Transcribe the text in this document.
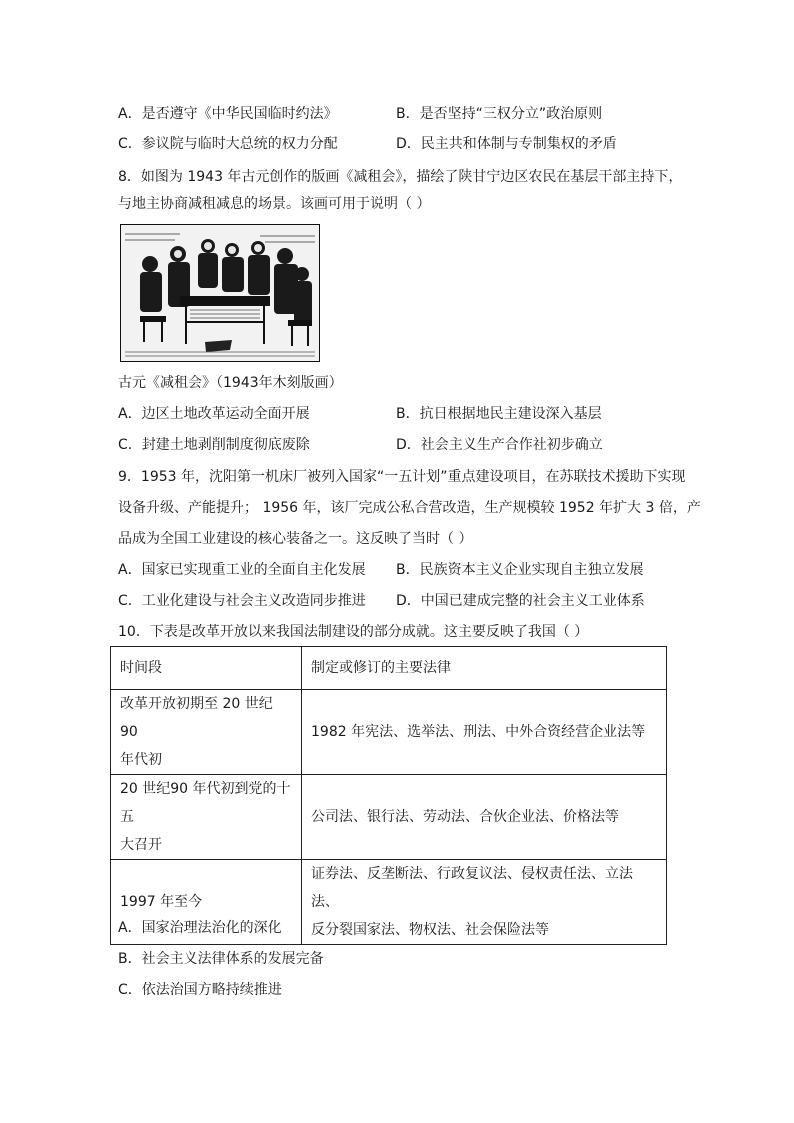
A．是否遵守《中华民国临时约法》	B．是否坚持“三权分立”政治原则
C．参议院与临时大总统的权力分配	D．民主共和体制与专制集权的矛盾
8．如图为 1943 年古元创作的版画《减租会》，描绘了陕甘宁边区农民在基层干部主持下，
与地主协商减租减息的场景。该画可用于说明（ ）
古元《减租会》（1943年木刻版画）
A．边区土地改革运动全面开展	B．抗日根据地民主建设深入基层
C．封建土地剥削制度彻底废除	D．社会主义生产合作社初步确立
9．1953 年，沈阳第一机床厂被列入国家“一五计划”重点建设项目，在苏联技术援助下实现
设备升级、产能提升； 1956 年，该厂完成公私合营改造，生产规模较 1952 年扩大 3 倍，产
品成为全国工业建设的核心装备之一。这反映了当时（ ）
A．国家已实现重工业的全面自主化发展 B．民族资本主义企业实现自主独立发展
C．工业化建设与社会主义改造同步推进 D．中国已建成完整的社会主义工业体系
10．下表是改革开放以来我国法制建设的部分成就。这主要反映了我国（ ）
时间段	制定或修订的主要法律

改革开放初期至 20 世纪 90
年代初	1982 年宪法、选举法、刑法、中外合资经营企业法等

20 世纪90 年代初到党的十五
大召开	公司法、银行法、劳动法、合伙企业法、价格法等

1997 年至今	证券法、反垄断法、行政复议法、侵权责任法、立法法、
反分裂国家法、物权法、社会保险法等
A．国家治理法治化的深化
B．社会主义法律体系的发展完备
C．依法治国方略持续推进
